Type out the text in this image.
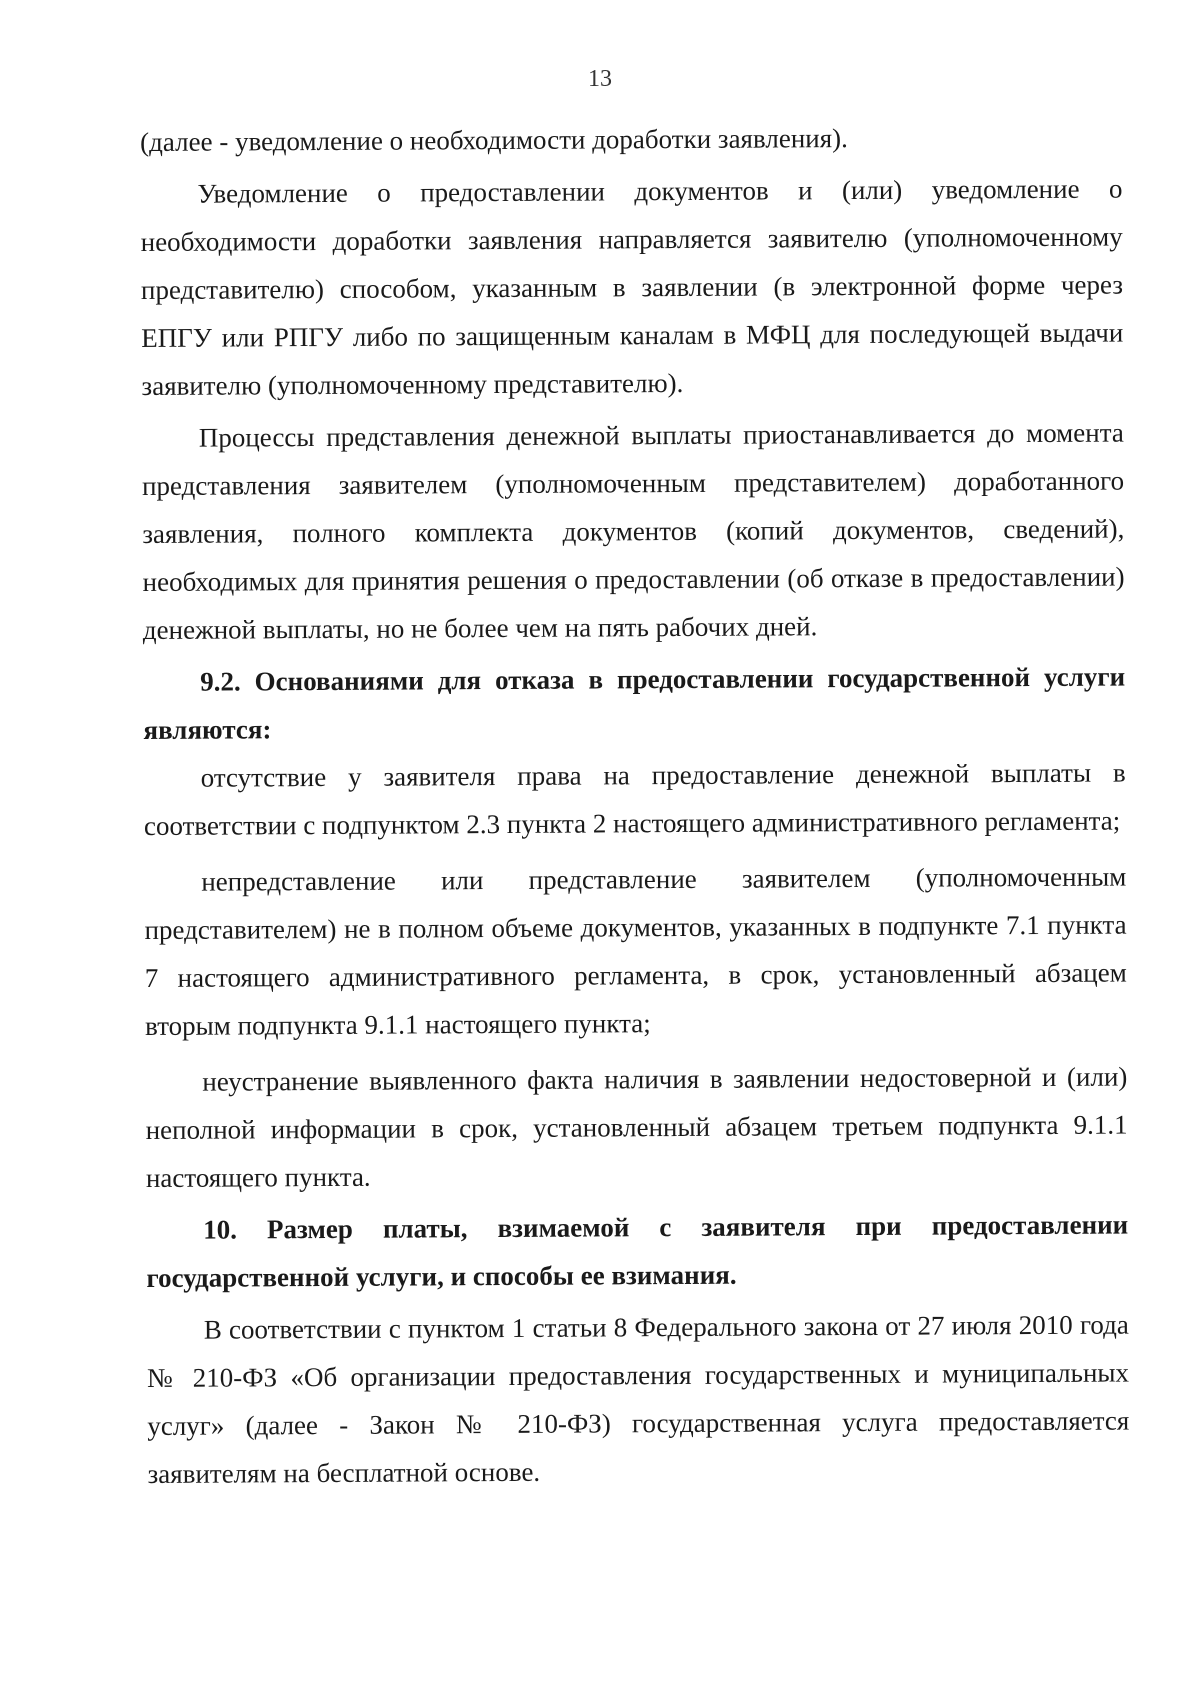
13

(далее - уведомление о необходимости доработки заявления).

Уведомление о предоставлении документов и (или) уведомление о необходимости доработки заявления направляется заявителю (уполномоченному представителю) способом, указанным в заявлении (в электронной форме через ЕПГУ или РПГУ либо по защищенным каналам в МФЦ для последующей выдачи заявителю (уполномоченному представителю).

Процессы представления денежной выплаты приостанавливается до момента представления заявителем (уполномоченным представителем) доработанного заявления, полного комплекта документов (копий документов, сведений), необходимых для принятия решения о предоставлении (об отказе в предоставлении) денежной выплаты, но не более чем на пять рабочих дней.

9.2. Основаниями для отказа в предоставлении государственной услуги являются:

отсутствие у заявителя права на предоставление денежной выплаты в соответствии с подпунктом 2.3 пункта 2 настоящего административного регламента;

непредставление или представление заявителем (уполномоченным представителем) не в полном объеме документов, указанных в подпункте 7.1 пункта 7 настоящего административного регламента, в срок, установленный абзацем вторым подпункта 9.1.1 настоящего пункта;

неустранение выявленного факта наличия в заявлении недостоверной и (или) неполной информации в срок, установленный абзацем третьем подпункта 9.1.1 настоящего пункта.

10. Размер платы, взимаемой с заявителя при предоставлении государственной услуги, и способы ее взимания.

В соответствии с пунктом 1 статьи 8 Федерального закона от 27 июля 2010 года № 210-ФЗ «Об организации предоставления государственных и муниципальных услуг» (далее - Закон № 210-ФЗ) государственная услуга предоставляется заявителям на бесплатной основе.
